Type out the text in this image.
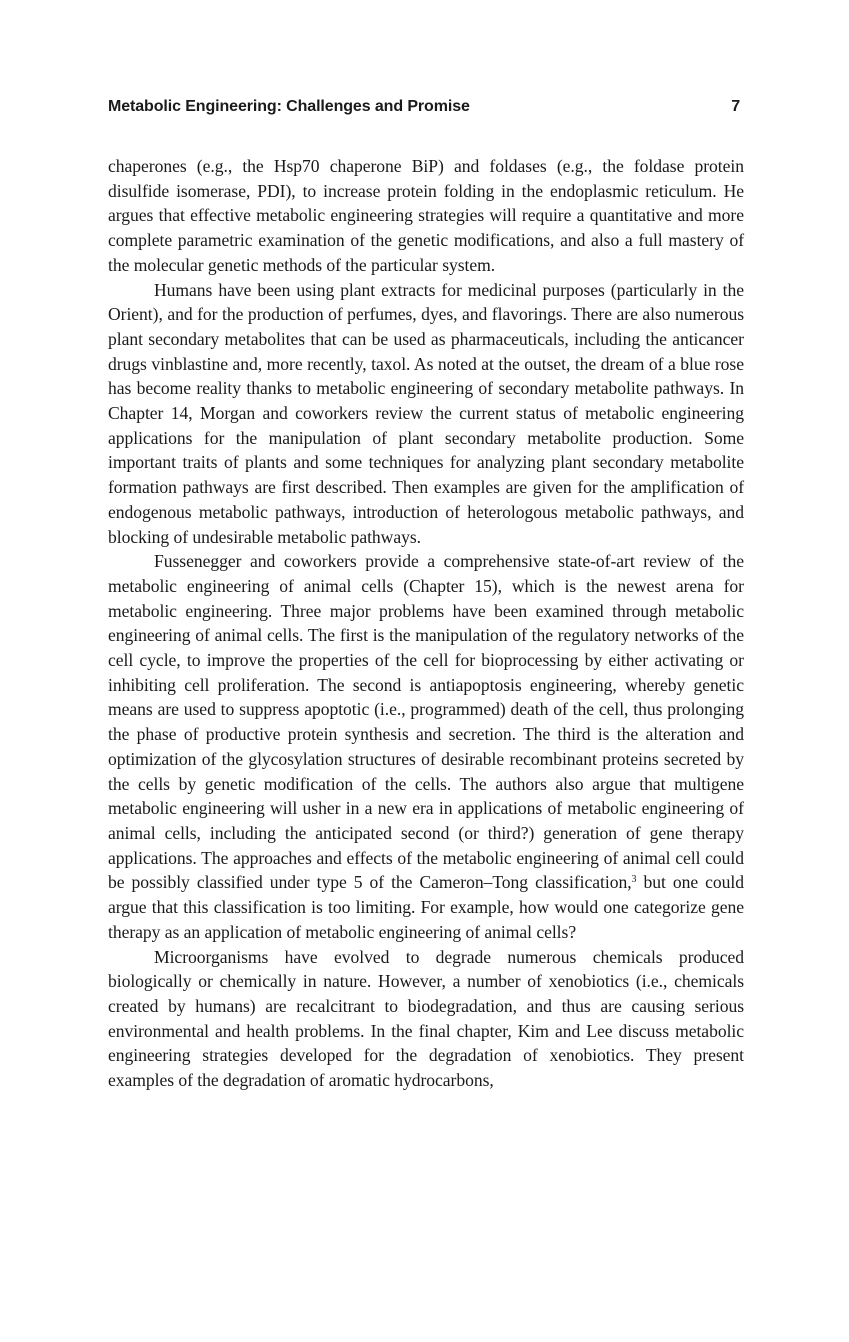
Metabolic Engineering: Challenges and Promise	7

chaperones (e.g., the Hsp70 chaperone BiP) and foldases (e.g., the foldase protein disulfide isomerase, PDI), to increase protein folding in the endoplasmic reticulum. He argues that effective metabolic engineering strategies will require a quantitative and more complete parametric examination of the genetic modifications, and also a full mastery of the molecular genetic methods of the particular system.

Humans have been using plant extracts for medicinal purposes (particularly in the Orient), and for the production of perfumes, dyes, and flavorings. There are also numerous plant secondary metabolites that can be used as pharmaceuticals, including the anticancer drugs vinblastine and, more recently, taxol. As noted at the outset, the dream of a blue rose has become reality thanks to metabolic engineering of secondary metabolite pathways. In Chapter 14, Morgan and coworkers review the current status of metabolic engineering applications for the manipulation of plant secondary metabolite production. Some important traits of plants and some techniques for analyzing plant secondary metabolite formation pathways are first described. Then examples are given for the amplification of endogenous metabolic pathways, introduction of heterologous metabolic pathways, and blocking of undesirable metabolic pathways.

Fussenegger and coworkers provide a comprehensive state-of-art review of the metabolic engineering of animal cells (Chapter 15), which is the newest arena for metabolic engineering. Three major problems have been examined through metabolic engineering of animal cells. The first is the manipulation of the regulatory networks of the cell cycle, to improve the properties of the cell for bioprocessing by either activating or inhibiting cell proliferation. The second is antiapoptosis engineering, whereby genetic means are used to suppress apoptotic (i.e., programmed) death of the cell, thus prolonging the phase of productive protein synthesis and secretion. The third is the alteration and optimization of the glycosylation structures of desirable recombinant proteins secreted by the cells by genetic modification of the cells. The authors also argue that multigene metabolic engineering will usher in a new era in applications of metabolic engineering of animal cells, including the anticipated second (or third?) generation of gene therapy applications. The approaches and effects of the metabolic engineering of animal cell could be possibly classified under type 5 of the Cameron–Tong classification,$^3$ but one could argue that this classification is too limiting. For example, how would one categorize gene therapy as an application of metabolic engineering of animal cells?

Microorganisms have evolved to degrade numerous chemicals produced biologically or chemically in nature. However, a number of xenobiotics (i.e., chemicals created by humans) are recalcitrant to biodegradation, and thus are causing serious environmental and health problems. In the final chapter, Kim and Lee discuss metabolic engineering strategies developed for the degradation of xenobiotics. They present examples of the degradation of aromatic hydrocarbons,
